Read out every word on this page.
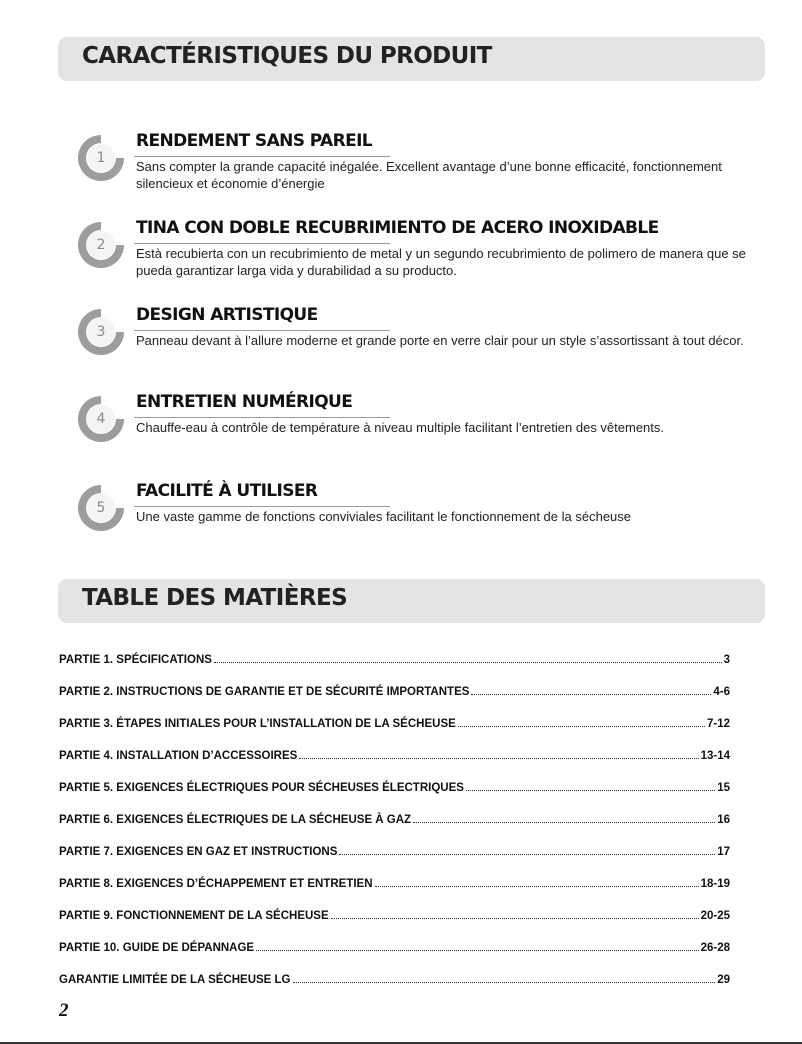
CARACTÉRISTIQUES DU PRODUIT
1
RENDEMENT SANS PAREIL
Sans compter la grande capacité inégalée. Excellent avantage d’une bonne efficacité, fonctionnement silencieux et économie d’énergie
2
TINA CON DOBLE RECUBRIMIENTO DE ACERO INOXIDABLE
Està recubierta con un recubrimiento de metal y un segundo recubrimiento de polimero de manera que se pueda garantizar larga vida y durabilidad a su producto.
3
DESIGN ARTISTIQUE
Panneau devant à l’allure moderne et grande porte en verre clair pour un style s’assortissant à tout décor.
4
ENTRETIEN NUMÉRIQUE
Chauffe-eau à contrôle de température à niveau multiple facilitant l’entretien des vêtements.
5
FACILITÉ À UTILISER
Une vaste gamme de fonctions conviviales facilitant le fonctionnement de la sécheuse
TABLE DES MATIÈRES
PARTIE 1. SPÉCIFICATIONS	3
PARTIE 2. INSTRUCTIONS DE GARANTIE ET DE SÉCURITÉ IMPORTANTES	4-6
PARTIE 3. ÉTAPES INITIALES POUR L’INSTALLATION DE LA SÉCHEUSE	7-12
PARTIE 4. INSTALLATION D’ACCESSOIRES	13-14
PARTIE 5. EXIGENCES ÉLECTRIQUES POUR SÉCHEUSES ÉLECTRIQUES	15
PARTIE 6. EXIGENCES ÉLECTRIQUES DE LA SÉCHEUSE À GAZ	16
PARTIE 7. EXIGENCES EN GAZ ET INSTRUCTIONS	17
PARTIE 8. EXIGENCES D’ÉCHAPPEMENT ET ENTRETIEN	18-19
PARTIE 9. FONCTIONNEMENT DE LA SÉCHEUSE	20-25
PARTIE 10. GUIDE DE DÉPANNAGE	26-28
GARANTIE LIMITÉE DE LA SÉCHEUSE LG	29
2
